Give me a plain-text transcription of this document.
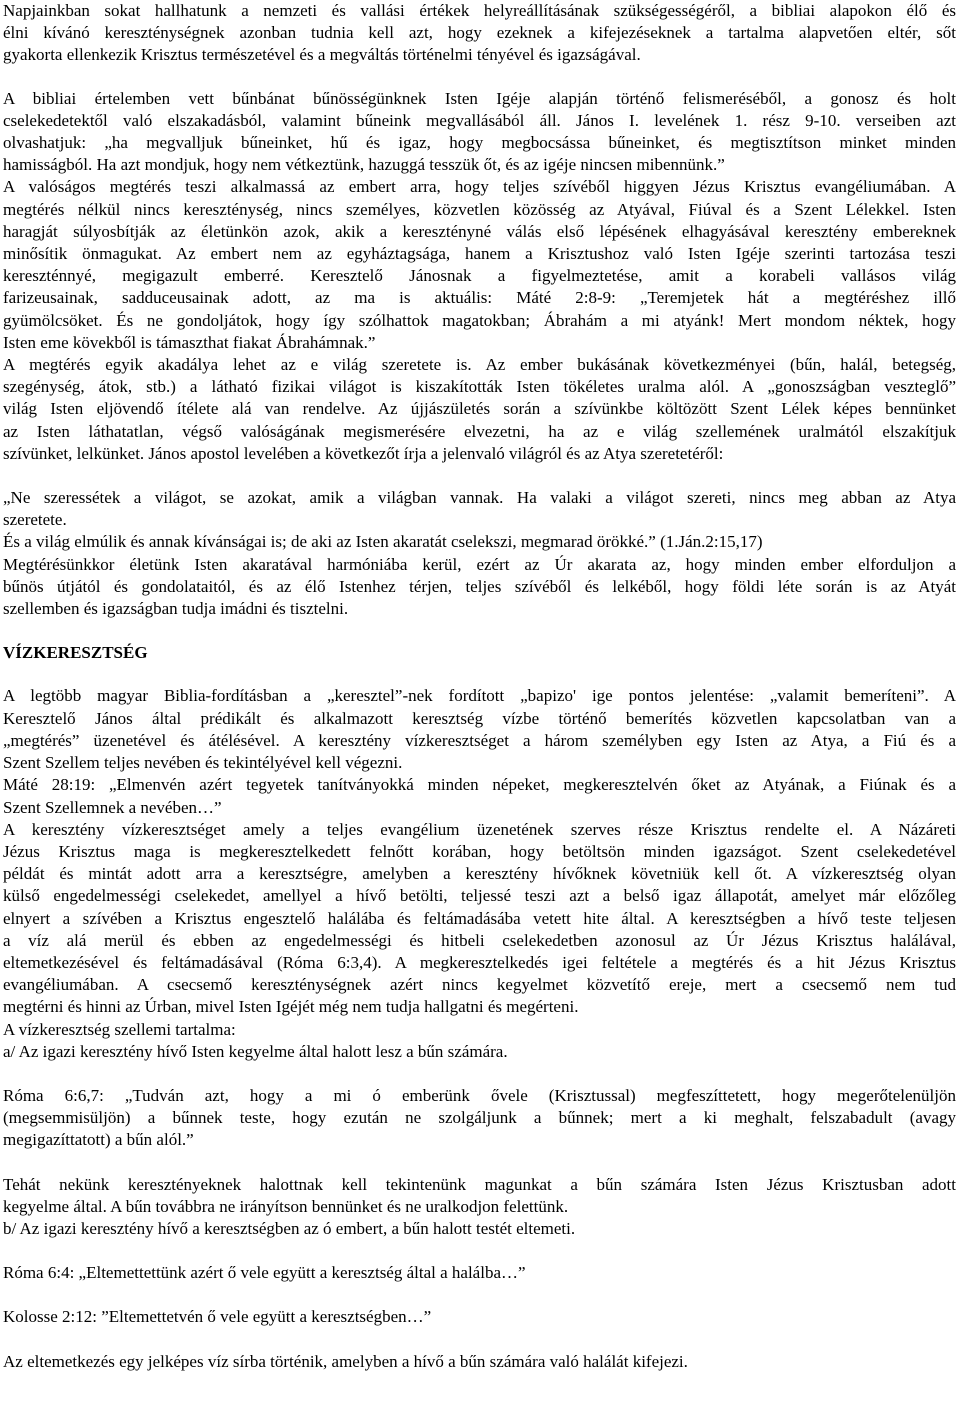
Napjainkban sokat hallhatunk a nemzeti és vallási értékek helyreállításának szükségességéről, a bibliai alapokon élő és
élni kívánó kereszténységnek azonban tudnia kell azt, hogy ezeknek a kifejezéseknek a tartalma alapvetően eltér, sőt
gyakorta ellenkezik Krisztus természetével és a megváltás történelmi tényével és igazságával.
A bibliai értelemben vett bűnbánat bűnösségünknek Isten Igéje alapján történő felismeréséből, a gonosz és holt
cselekedetektől való elszakadásból, valamint bűneink megvallásából áll. János I. levelének 1. rész 9-10. verseiben azt
olvashatjuk: „ha megvalljuk bűneinket, hű és igaz, hogy megbocsássa bűneinket, és megtisztítson minket minden
hamisságból. Ha azt mondjuk, hogy nem vétkeztünk, hazuggá tesszük őt, és az igéje nincsen mibennünk.”
A valóságos megtérés teszi alkalmassá az embert arra, hogy teljes szívéből higgyen Jézus Krisztus evangéliumában. A
megtérés nélkül nincs kereszténység, nincs személyes, közvetlen közösség az Atyával, Fiúval és a Szent Lélekkel. Isten
haragját súlyosbítják az életünkön azok, akik a keresztényné válás első lépésének elhagyásával keresztény embereknek
minősítik önmagukat. Az embert nem az egyháztagsága, hanem a Krisztushoz való Isten Igéje szerinti tartozása teszi
kereszténnyé, megigazult emberré. Keresztelő Jánosnak a figyelmeztetése, amit a korabeli vallásos világ
farizeusainak, sadduceusainak adott, az ma is aktuális: Máté 2:8-9: „Teremjetek hát a megtéréshez illő
gyümölcsöket. És ne gondoljátok, hogy így szólhattok magatokban; Ábrahám a mi atyánk! Mert mondom néktek, hogy
Isten eme kövekből is támaszthat fiakat Ábrahámnak.”
A megtérés egyik akadálya lehet az e világ szeretete is. Az ember bukásának következményei (bűn, halál, betegség,
szegénység, átok, stb.) a látható fizikai világot is kiszakították Isten tökéletes uralma alól. A „gonoszságban veszteglő”
világ Isten eljövendő ítélete alá van rendelve. Az újjászületés során a szívünkbe költözött Szent Lélek képes bennünket
az Isten láthatatlan, végső valóságának megismerésére elvezetni, ha az e világ szellemének uralmától elszakítjuk
szívünket, lelkünket. János apostol levelében a következőt írja a jelenvaló világról és az Atya szeretetéről:
„Ne szeressétek a világot, se azokat, amik a világban vannak. Ha valaki a világot szereti, nincs meg abban az Atya
szeretete.
És a világ elmúlik és annak kívánságai is; de aki az Isten akaratát cselekszi, megmarad örökké.” (1.Ján.2:15,17)
Megtérésünkkor életünk Isten akaratával harmóniába kerül, ezért az Úr akarata az, hogy minden ember elforduljon a
bűnös útjától és gondolataitól, és az élő Istenhez térjen, teljes szívéből és lelkéből, hogy földi léte során is az Atyát
szellemben és igazságban tudja imádni és tisztelni.
VÍZKERESZTSÉG
A legtöbb magyar Biblia-fordításban a „keresztel”-nek fordított „bapizo' ige pontos jelentése: „valamit bemeríteni”. A
Keresztelő János által prédikált és alkalmazott keresztség vízbe történő bemerítés közvetlen kapcsolatban van a
„megtérés” üzenetével és átélésével. A keresztény vízkeresztséget a három személyben egy Isten az Atya, a Fiú és a
Szent Szellem teljes nevében és tekintélyével kell végezni.
Máté 28:19: „Elmenvén azért tegyetek tanítványokká minden népeket, megkeresztelvén őket az Atyának, a Fiúnak és a
Szent Szellemnek a nevében…”
A keresztény vízkeresztséget amely a teljes evangélium üzenetének szerves része Krisztus rendelte el. A Názáreti
Jézus Krisztus maga is megkeresztelkedett felnőtt korában, hogy betöltsön minden igazságot. Szent cselekedetével
példát és mintát adott arra a keresztségre, amelyben a keresztény hívőknek követniük kell őt. A vízkeresztség olyan
külső engedelmességi cselekedet, amellyel a hívő betölti, teljessé teszi azt a belső igaz állapotát, amelyet már előzőleg
elnyert a szívében a Krisztus engesztelő halálába és feltámadásába vetett hite által. A keresztségben a hívő teste teljesen
a víz alá merül és ebben az engedelmességi és hitbeli cselekedetben azonosul az Úr Jézus Krisztus halálával,
eltemetkezésével és feltámadásával (Róma 6:3,4). A megkeresztelkedés igei feltétele a megtérés és a hit Jézus Krisztus
evangéliumában. A csecsemő kereszténységnek azért nincs kegyelmet közvetítő ereje, mert a csecsemő nem tud
megtérni és hinni az Úrban, mivel Isten Igéjét még nem tudja hallgatni és megérteni.
A vízkeresztség szellemi tartalma:
a/ Az igazi keresztény hívő Isten kegyelme által halott lesz a bűn számára.
Róma 6:6,7: „Tudván azt, hogy a mi ó emberünk ővele (Krisztussal) megfeszíttetett, hogy megerőtelenüljön
(megsemmisüljön) a bűnnek teste, hogy ezután ne szolgáljunk a bűnnek; mert a ki meghalt, felszabadult (avagy
megigazíttatott) a bűn alól.”
Tehát nekünk keresztényeknek halottnak kell tekintenünk magunkat a bűn számára Isten Jézus Krisztusban adott
kegyelme által. A bűn továbbra ne irányítson bennünket és ne uralkodjon felettünk.
b/ Az igazi keresztény hívő a keresztségben az ó embert, a bűn halott testét eltemeti.
Róma 6:4: „Eltemettettünk azért ő vele együtt a keresztség által a halálba…”
Kolosse 2:12: ”Eltemettetvén ő vele együtt a keresztségben…”
Az eltemetkezés egy jelképes víz sírba történik, amelyben a hívő a bűn számára való halálát kifejezi.
